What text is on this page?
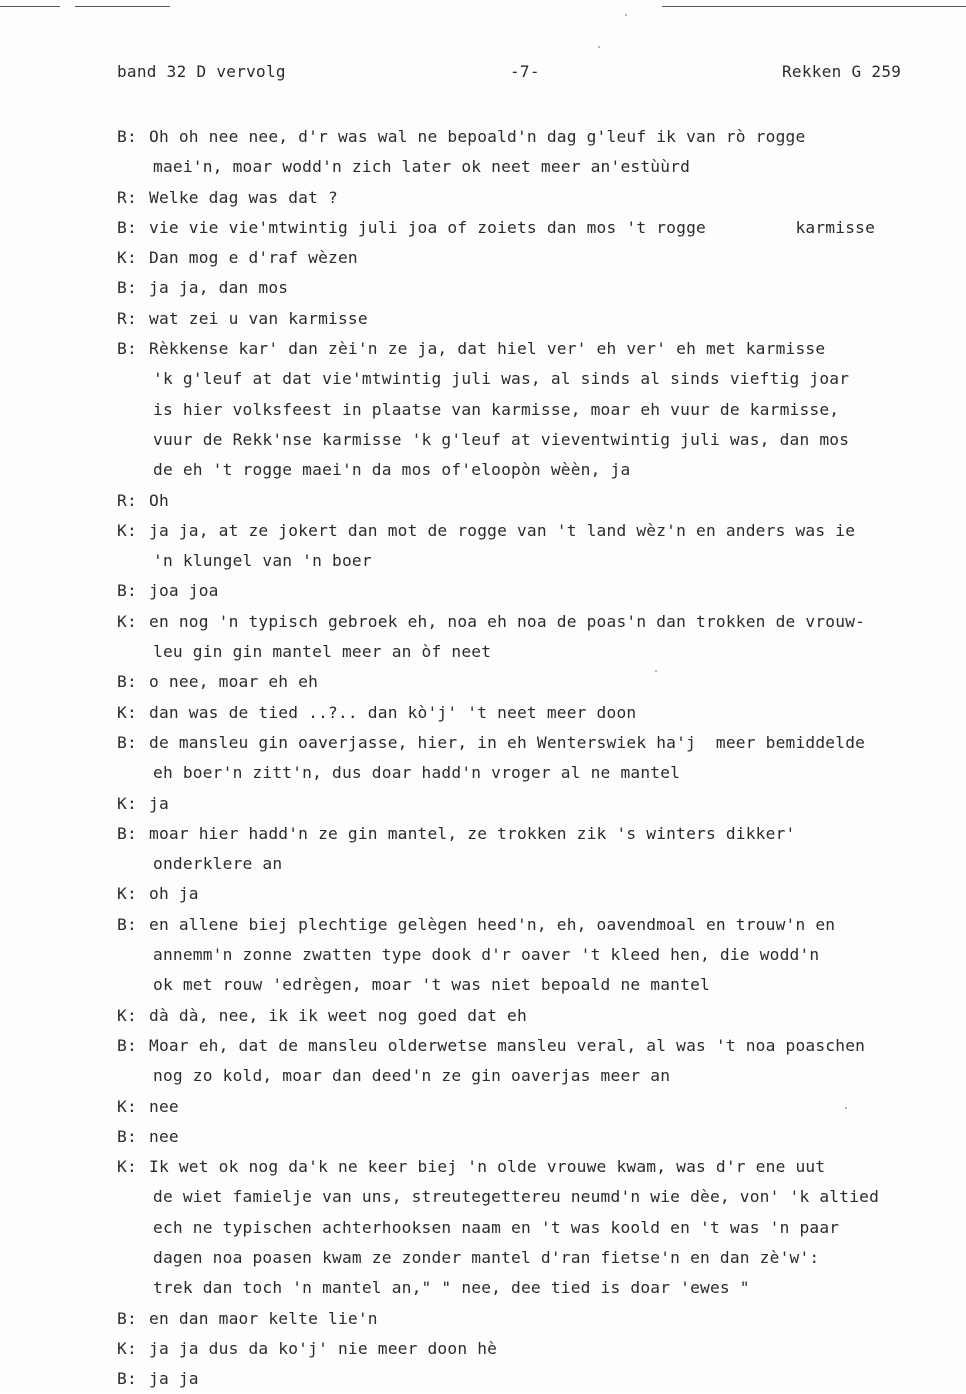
band 32 D vervolg	-7-	Rekken G 259
B: Oh oh nee nee, d'r was wal ne bepoald'n dag g'leuf ik van rò rogge
maei'n, moar wodd'n zich later ok neet meer an'estùùrd
R: Welke dag was dat ?
B: vie vie vie'mtwintig juli joa of zoiets dan mos 't rogge         karmisse
K: Dan mog e d'raf wèzen
B: ja ja, dan mos
R: wat zei u van karmisse
B: Rèkkense kar' dan zèi'n ze ja, dat hiel ver' eh ver' eh met karmisse
'k g'leuf at dat vie'mtwintig juli was, al sinds al sinds vieftig joar
is hier volksfeest in plaatse van karmisse, moar eh vuur de karmisse,
vuur de Rekk'nse karmisse 'k g'leuf at vieventwintig juli was, dan mos
de eh 't rogge maei'n da mos of'eloopòn wèèn, ja
R: Oh
K: ja ja, at ze jokert dan mot de rogge van 't land wèz'n en anders was ie
'n klungel van 'n boer
B: joa joa
K: en nog 'n typisch gebroek eh, noa eh noa de poas'n dan trokken de vrouw-
leu gin gin mantel meer an òf neet
B: o nee, moar eh eh
K: dan was de tied ..?.. dan kò'j' 't neet meer doon
B: de mansleu gin oaverjasse, hier, in eh Wenterswiek ha'j  meer bemiddelde
eh boer'n zitt'n, dus doar hadd'n vroger al ne mantel
K: ja
B: moar hier hadd'n ze gin mantel, ze trokken zik 's winters dikker'
onderklere an
K: oh ja
B: en allene biej plechtige gelègen heed'n, eh, oavendmoal en trouw'n en
annemm'n zonne zwatten type dook d'r oaver 't kleed hen, die wodd'n
ok met rouw 'edrègen, moar 't was niet bepoald ne mantel
K: dà dà, nee, ik ik weet nog goed dat eh
B: Moar eh, dat de mansleu olderwetse mansleu veral, al was 't noa poaschen
nog zo kold, moar dan deed'n ze gin oaverjas meer an
K: nee
B: nee
K: Ik wet ok nog da'k ne keer biej 'n olde vrouwe kwam, was d'r ene uut
de wiet famielje van uns, streutegettereu neumd'n wie dèe, von' 'k altied
ech ne typischen achterhooksen naam en 't was koold en 't was 'n paar
dagen noa poasen kwam ze zonder mantel d'ran fietse'n en dan zè'w':
trek dan toch 'n mantel an," " nee, dee tied is doar 'ewes "
B: en dan maor kelte lie'n
K: ja ja dus da ko'j' nie meer doon hè
B: ja ja
